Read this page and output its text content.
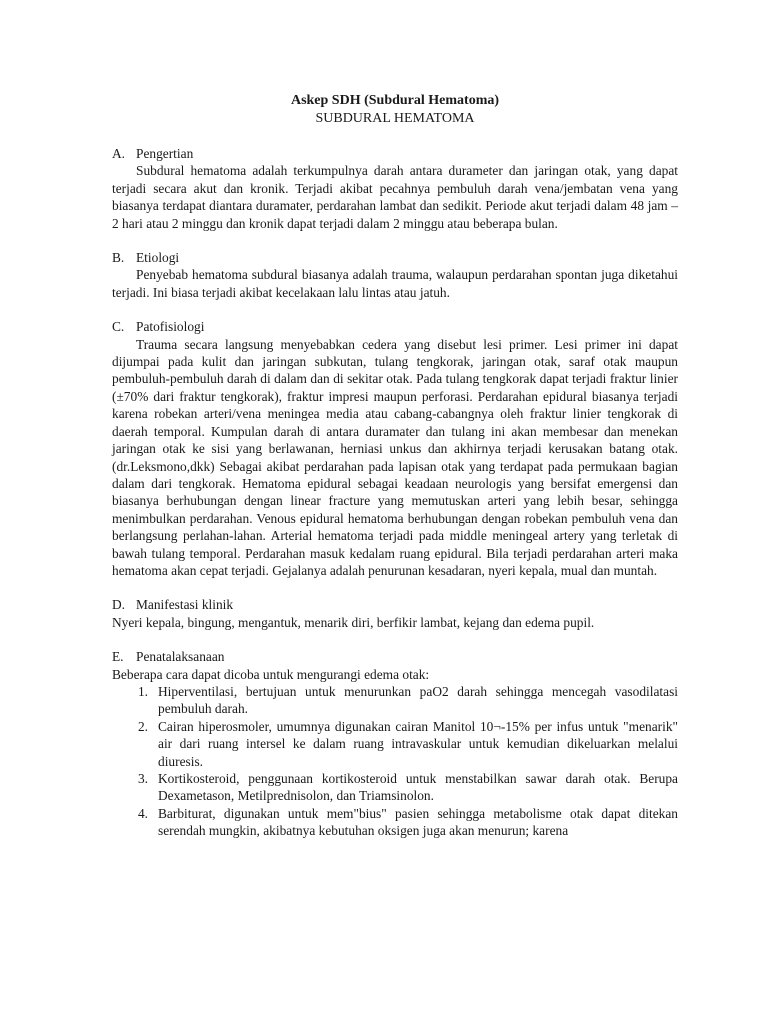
Askep SDH (Subdural Hematoma)
SUBDURAL HEMATOMA
A. Pengertian

Subdural hematoma adalah terkumpulnya darah antara durameter dan jaringan otak, yang dapat terjadi secara akut dan kronik. Terjadi akibat pecahnya pembuluh darah vena/jembatan vena yang biasanya terdapat diantara duramater, perdarahan lambat dan sedikit. Periode akut terjadi dalam 48 jam – 2 hari atau 2 minggu dan kronik dapat terjadi dalam 2 minggu atau beberapa bulan.

B. Etiologi

Penyebab hematoma subdural biasanya adalah trauma, walaupun perdarahan spontan juga diketahui terjadi. Ini biasa terjadi akibat kecelakaan lalu lintas atau jatuh.

C. Patofisiologi

Trauma secara langsung menyebabkan cedera yang disebut lesi primer. Lesi primer ini dapat dijumpai pada kulit dan jaringan subkutan, tulang tengkorak, jaringan otak, saraf otak maupun pembuluh-pembuluh darah di dalam dan di sekitar otak. Pada tulang tengkorak dapat terjadi fraktur linier (±70% dari fraktur tengkorak), fraktur impresi maupun perforasi. Perdarahan epidural biasanya terjadi karena robekan arteri/vena meningea media atau cabang-cabangnya oleh fraktur linier tengkorak di daerah temporal. Kumpulan darah di antara duramater dan tulang ini akan membesar dan menekan jaringan otak ke sisi yang berlawanan, herniasi unkus dan akhirnya terjadi kerusakan batang otak. (dr.Leksmono,dkk) Sebagai akibat perdarahan pada lapisan otak yang terdapat pada permukaan bagian dalam dari tengkorak. Hematoma epidural sebagai keadaan neurologis yang bersifat emergensi dan biasanya berhubungan dengan linear fracture yang memutuskan arteri yang lebih besar, sehingga menimbulkan perdarahan. Venous epidural hematoma berhubungan dengan robekan pembuluh vena dan berlangsung perlahan-lahan. Arterial hematoma terjadi pada middle meningeal artery yang terletak di bawah tulang temporal. Perdarahan masuk kedalam ruang epidural. Bila terjadi perdarahan arteri maka hematoma akan cepat terjadi. Gejalanya adalah penurunan kesadaran, nyeri kepala, mual dan muntah.

D. Manifestasi klinik

Nyeri kepala, bingung, mengantuk, menarik diri, berfikir lambat, kejang dan edema pupil.

E. Penatalaksanaan

Beberapa cara dapat dicoba untuk mengurangi edema otak:

1. Hiperventilasi, bertujuan untuk menurunkan paO2 darah sehingga mencegah vasodilatasi pembuluh darah.
2. Cairan hiperosmoler, umumnya digunakan cairan Manitol 10¬-15% per infus untuk "menarik" air dari ruang intersel ke dalam ruang intravaskular untuk kemudian dikeluarkan melalui diuresis.
3. Kortikosteroid, penggunaan kortikosteroid untuk menstabilkan sawar darah otak. Berupa Dexametason, Metilprednisolon, dan Triamsinolon.
4. Barbiturat, digunakan untuk mem"bius" pasien sehingga metabolisme otak dapat ditekan serendah mungkin, akibatnya kebutuhan oksigen juga akan menurun; karena
